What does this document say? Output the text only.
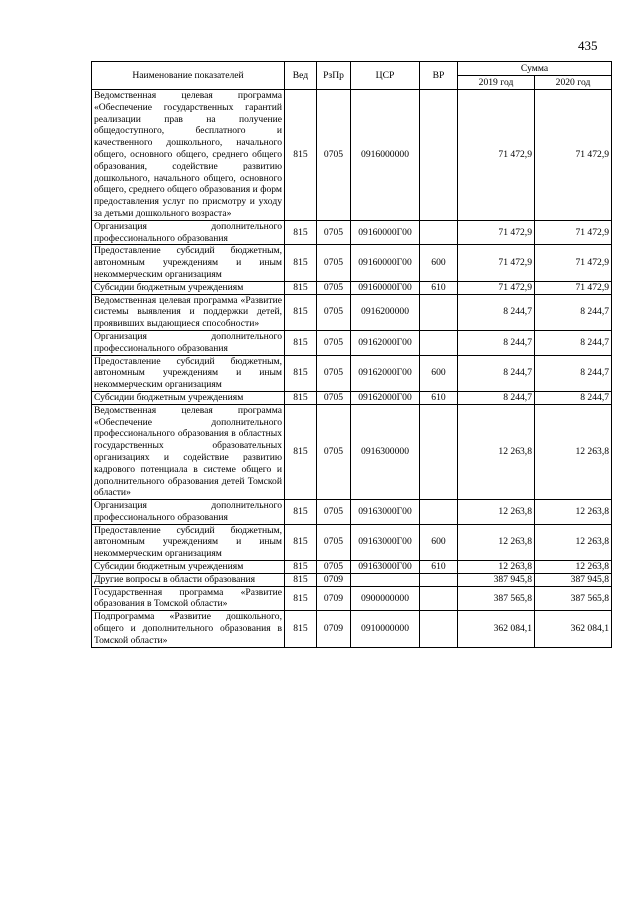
435
Наименование показателей	Вед	РзПр	ЦСР	ВР	Сумма	
					2019 год	2020 год
Ведомственная целевая программа «Обеспечение государственных гарантий реализации прав на получение общедоступного, бесплатного и качественного дошкольного, начального общего, основного общего, среднего общего образования, содействие развитию дошкольного, начального общего, основного общего, среднего общего образования и форм предоставления услуг по присмотру и уходу за детьми дошкольного возраста»	815	0705	0916000000		71 472,9	71 472,9
Организация дополнительного профессионального образования	815	0705	09160000Г00		71 472,9	71 472,9
Предоставление субсидий бюджетным, автономным учреждениям и иным некоммерческим организациям	815	0705	09160000Г00	600	71 472,9	71 472,9
Субсидии бюджетным учреждениям	815	0705	09160000Г00	610	71 472,9	71 472,9
Ведомственная целевая программа «Развитие системы выявления и поддержки детей, проявивших выдающиеся способности»	815	0705	0916200000		8 244,7	8 244,7
Организация дополнительного профессионального образования	815	0705	09162000Г00		8 244,7	8 244,7
Предоставление субсидий бюджетным, автономным учреждениям и иным некоммерческим организациям	815	0705	09162000Г00	600	8 244,7	8 244,7
Субсидии бюджетным учреждениям	815	0705	09162000Г00	610	8 244,7	8 244,7
Ведомственная целевая программа «Обеспечение дополнительного профессионального образования в областных государственных образовательных организациях и содействие развитию кадрового потенциала в системе общего и дополнительного образования детей Томской области»	815	0705	0916300000		12 263,8	12 263,8
Организация дополнительного профессионального образования	815	0705	09163000Г00		12 263,8	12 263,8
Предоставление субсидий бюджетным, автономным учреждениям и иным некоммерческим организациям	815	0705	09163000Г00	600	12 263,8	12 263,8
Субсидии бюджетным учреждениям	815	0705	09163000Г00	610	12 263,8	12 263,8
Другие вопросы в области образования	815	0709			387 945,8	387 945,8
Государственная программа «Развитие образования в Томской области»	815	0709	0900000000		387 565,8	387 565,8
Подпрограмма «Развитие дошкольного, общего и дополнительного образования в Томской области»	815	0709	0910000000		362 084,1	362 084,1
